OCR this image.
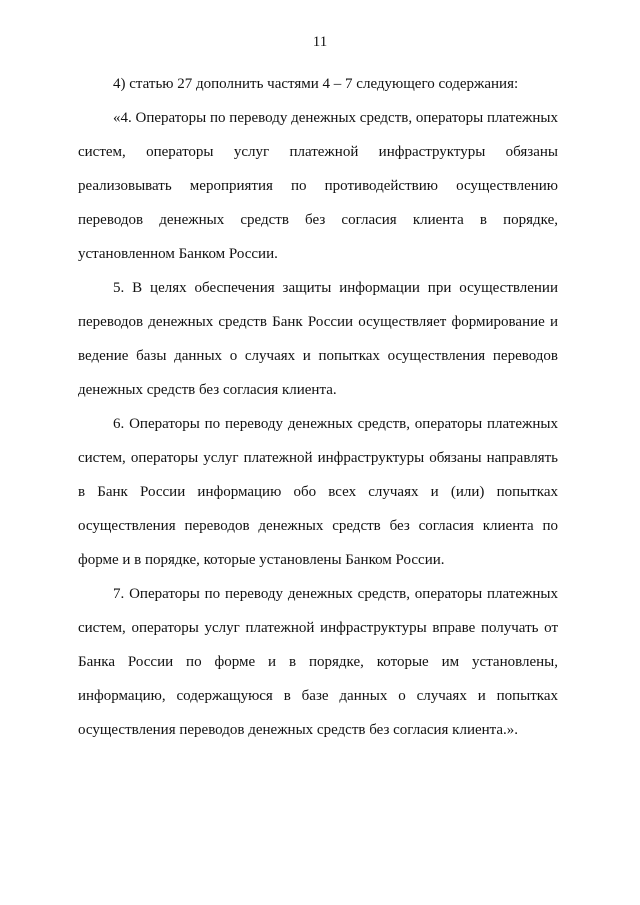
11

4) статью 27 дополнить частями 4 – 7 следующего содержания:

«4. Операторы по переводу денежных средств, операторы платежных систем, операторы услуг платежной инфраструктуры обязаны реализовывать мероприятия по противодействию осуществлению переводов денежных средств без согласия клиента в порядке, установленном Банком России.

5. В целях обеспечения защиты информации при осуществлении переводов денежных средств Банк России осуществляет формирование и ведение базы данных о случаях и попытках осуществления переводов денежных средств без согласия клиента.

6. Операторы по переводу денежных средств, операторы платежных систем, операторы услуг платежной инфраструктуры обязаны направлять в Банк России информацию обо всех случаях и (или) попытках осуществления переводов денежных средств без согласия клиента по форме и в порядке, которые установлены Банком России.

7. Операторы по переводу денежных средств, операторы платежных систем, операторы услуг платежной инфраструктуры вправе получать от Банка России по форме и в порядке, которые им установлены, информацию, содержащуюся в базе данных о случаях и попытках осуществления переводов денежных средств без согласия клиента.».
